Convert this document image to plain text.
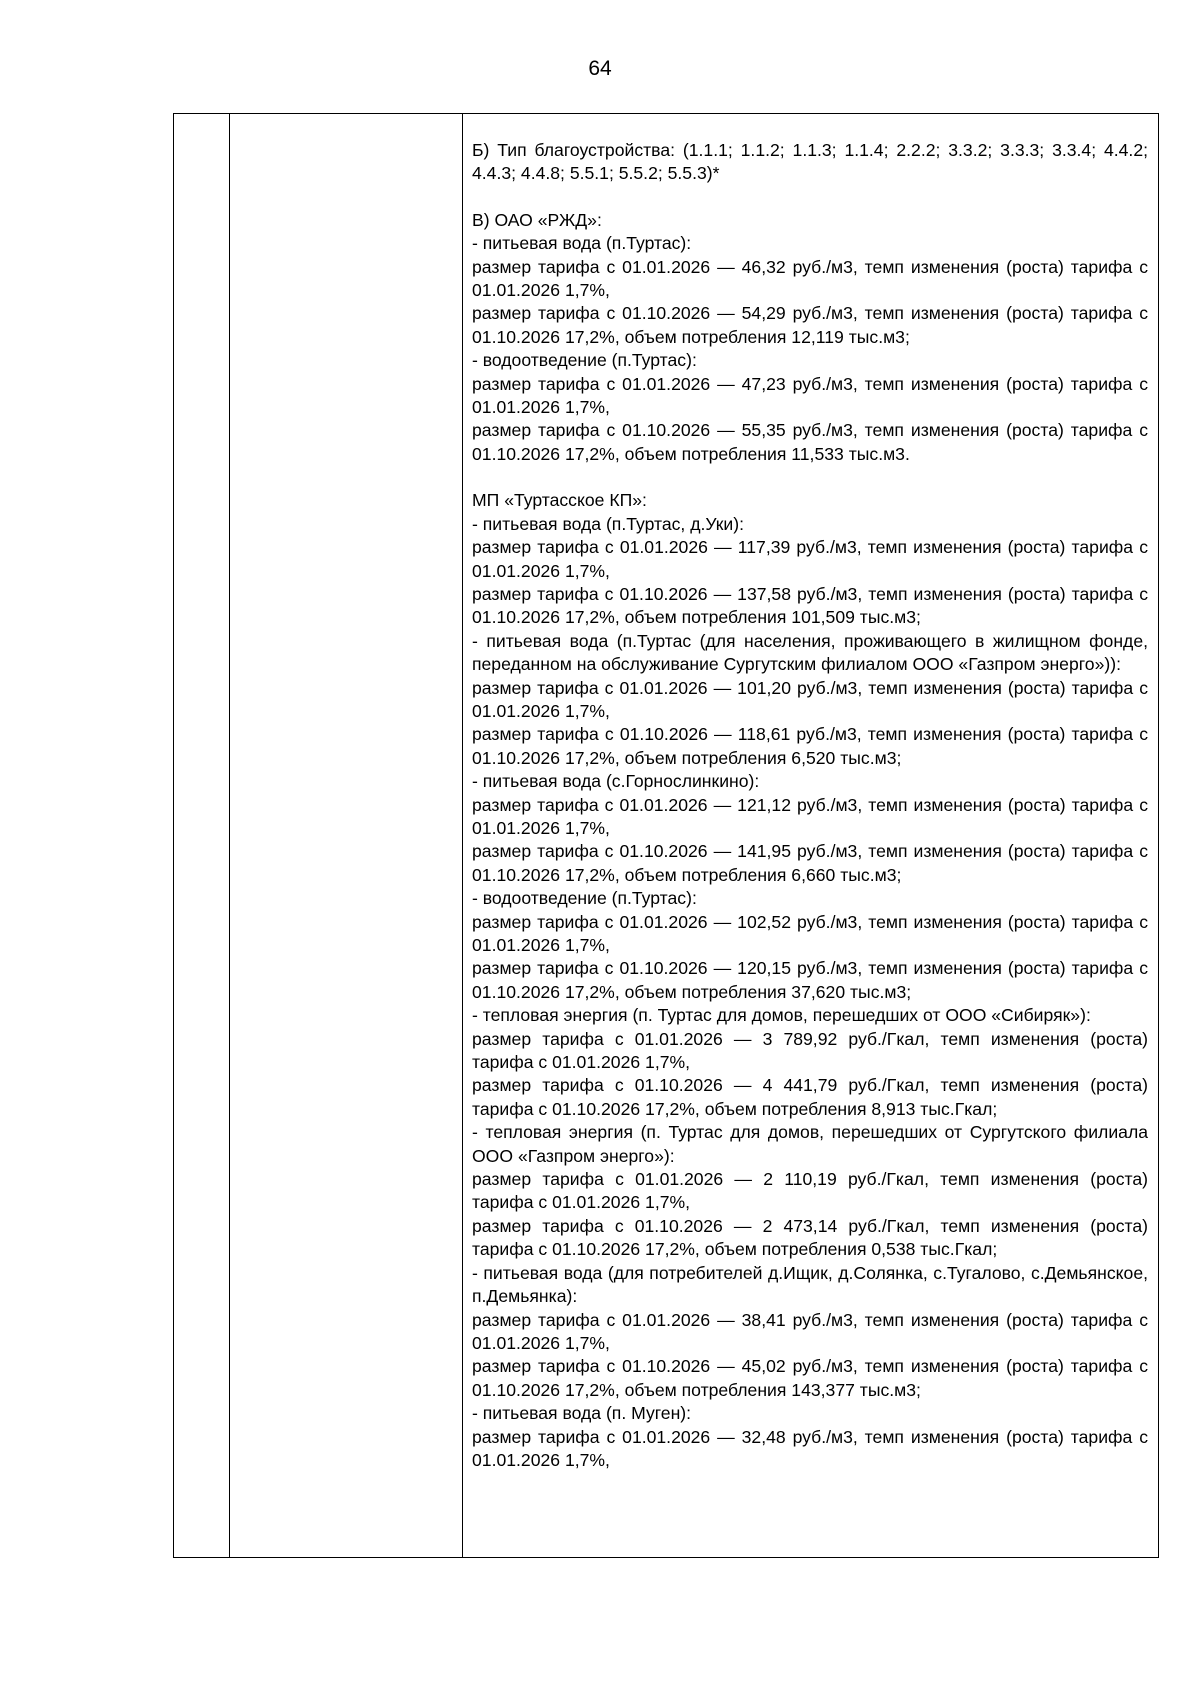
64

Б) Тип благоустройства: (1.1.1; 1.1.2; 1.1.3; 1.1.4; 2.2.2; 3.3.2; 3.3.3; 3.3.4; 4.4.2; 4.4.3; 4.4.8; 5.5.1; 5.5.2; 5.5.3)*

В) ОАО «РЖД»:

- питьевая вода (п.Туртас):

размер тарифа с 01.01.2026 — 46,32 руб./м3, темп изменения (роста) тарифа с 01.01.2026 1,7%,

размер тарифа с 01.10.2026 — 54,29 руб./м3, темп изменения (роста) тарифа с 01.10.2026 17,2%, объем потребления 12,119 тыс.м3;

- водоотведение (п.Туртас):

размер тарифа с 01.01.2026 — 47,23 руб./м3, темп изменения (роста) тарифа с 01.01.2026 1,7%,

размер тарифа с 01.10.2026 — 55,35 руб./м3, темп изменения (роста) тарифа с 01.10.2026 17,2%, объем потребления 11,533 тыс.м3.

МП «Туртасское КП»:

- питьевая вода (п.Туртас, д.Уки):

размер тарифа с 01.01.2026 — 117,39 руб./м3, темп изменения (роста) тарифа с 01.01.2026 1,7%,

размер тарифа с 01.10.2026 — 137,58 руб./м3, темп изменения (роста) тарифа с 01.10.2026 17,2%, объем потребления 101,509 тыс.м3;

- питьевая вода (п.Туртас (для населения, проживающего в жилищном фонде, переданном на обслуживание Сургутским филиалом ООО «Газпром энерго»)):

размер тарифа с 01.01.2026 — 101,20 руб./м3, темп изменения (роста) тарифа с 01.01.2026 1,7%,

размер тарифа с 01.10.2026 — 118,61 руб./м3, темп изменения (роста) тарифа с 01.10.2026 17,2%, объем потребления 6,520 тыс.м3;

- питьевая вода (с.Горнослинкино):

размер тарифа с 01.01.2026 — 121,12 руб./м3, темп изменения (роста) тарифа с 01.01.2026 1,7%,

размер тарифа с 01.10.2026 — 141,95 руб./м3, темп изменения (роста) тарифа с 01.10.2026 17,2%, объем потребления 6,660 тыс.м3;

- водоотведение (п.Туртас):

размер тарифа с 01.01.2026 — 102,52 руб./м3, темп изменения (роста) тарифа с 01.01.2026 1,7%,

размер тарифа с 01.10.2026 — 120,15 руб./м3, темп изменения (роста) тарифа с 01.10.2026 17,2%, объем потребления 37,620 тыс.м3;

- тепловая энергия (п. Туртас для домов, перешедших от ООО «Сибиряк»):

размер тарифа с 01.01.2026 — 3 789,92 руб./Гкал, темп изменения (роста) тарифа с 01.01.2026 1,7%,

размер тарифа с 01.10.2026 — 4 441,79 руб./Гкал, темп изменения (роста) тарифа с 01.10.2026 17,2%, объем потребления 8,913 тыс.Гкал;

- тепловая энергия (п. Туртас для домов, перешедших от Сургутского филиала ООО «Газпром энерго»):

размер тарифа с 01.01.2026 — 2 110,19 руб./Гкал, темп изменения (роста) тарифа с 01.01.2026 1,7%,

размер тарифа с 01.10.2026 — 2 473,14 руб./Гкал, темп изменения (роста) тарифа с 01.10.2026 17,2%, объем потребления 0,538 тыс.Гкал;

- питьевая вода (для потребителей д.Ищик, д.Солянка, с.Тугалово, с.Демьянское, п.Демьянка):

размер тарифа с 01.01.2026 — 38,41 руб./м3, темп изменения (роста) тарифа с 01.01.2026 1,7%,

размер тарифа с 01.10.2026 — 45,02 руб./м3, темп изменения (роста) тарифа с 01.10.2026 17,2%, объем потребления 143,377 тыс.м3;

- питьевая вода (п. Муген):

размер тарифа с 01.01.2026 — 32,48 руб./м3, темп изменения (роста) тарифа с 01.01.2026 1,7%,
